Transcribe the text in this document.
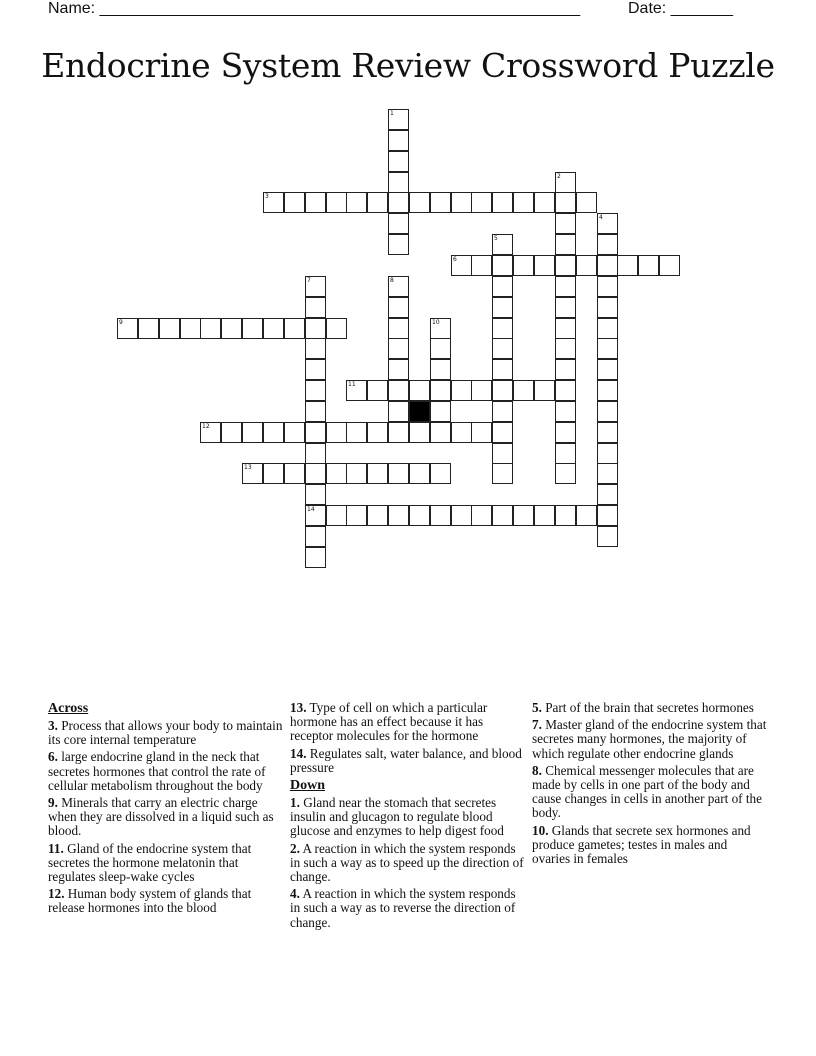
Name: ______________________________________________________	Date: _______
Endocrine System Review Crossword Puzzle
1
2
3
4
5
6
7	8
9	10
11
12
13
14
Across
3. Process that allows your body to maintain its core internal temperature
6. large endocrine gland in the neck that secretes hormones that control the rate of cellular metabolism throughout the body
9. Minerals that carry an electric charge when they are dissolved in a liquid such as blood.
11. Gland of the endocrine system that secretes the hormone melatonin that regulates sleep-wake cycles
12. Human body system of glands that release hormones into the blood
13. Type of cell on which a particular hormone has an effect because it has receptor molecules for the hormone
14. Regulates salt, water balance, and blood pressure
Down
1. Gland near the stomach that secretes insulin and glucagon to regulate blood glucose and enzymes to help digest food
2. A reaction in which the system responds in such a way as to speed up the direction of change.
4. A reaction in which the system responds in such a way as to reverse the direction of change.
5. Part of the brain that secretes hormones
7. Master gland of the endocrine system that secretes many hormones, the majority of which regulate other endocrine glands
8. Chemical messenger molecules that are made by cells in one part of the body and cause changes in cells in another part of the body.
10. Glands that secrete sex hormones and produce gametes; testes in males and ovaries in females
